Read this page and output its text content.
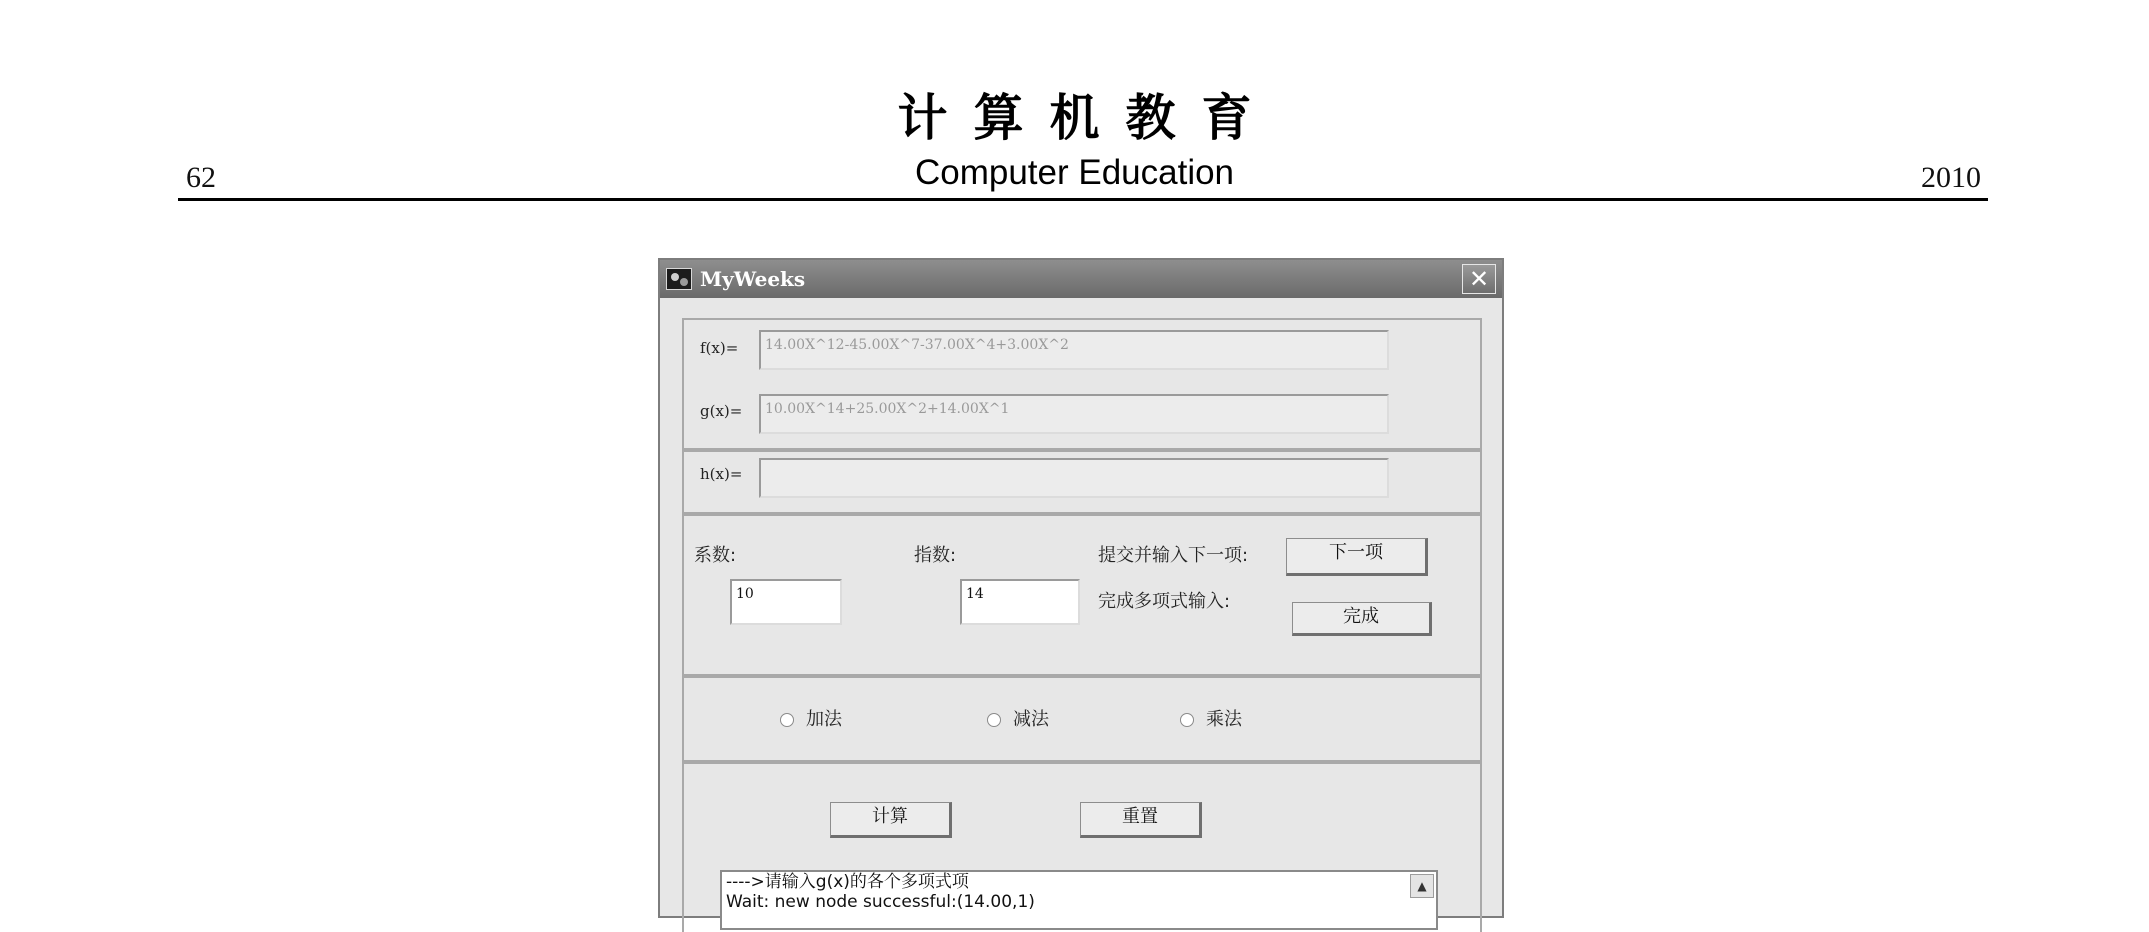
计算机教育
Computer Education
62	2010
MyWeeks	✕
f(x)=	14.00X^12-45.00X^7-37.00X^4+3.00X^2
g(x)=	10.00X^14+25.00X^2+14.00X^1
h(x)=
系数:
10
指数:
14
提交并输入下一项:	下一项
完成多项式输入:
完成
加法	减法	乘法
计算	重置
---->请输入g(x)的各个多项式项
Wait: new node successful:(14.00,1)
▲
